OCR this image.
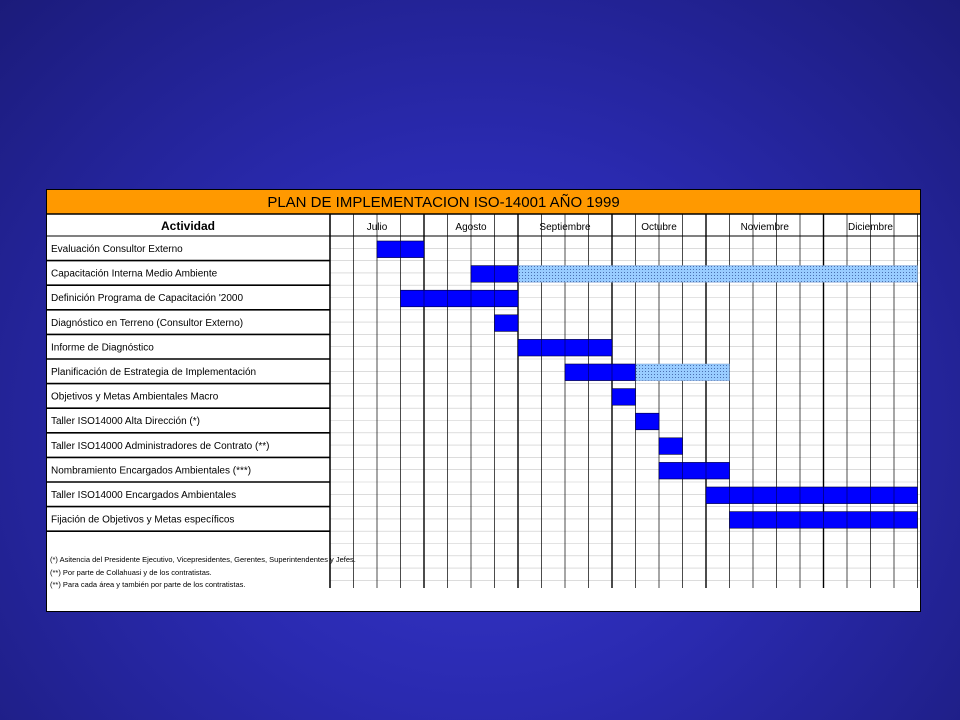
PLAN DE IMPLEMENTACION ISO-14001 AÑO 1999
Actividad	Julio	Agosto	Septiembre	Octubre	Noviembre	Diciembre
Evaluación Consultor Externo
Capacitación Interna Medio Ambiente
Definición Programa de Capacitación '2000
Diagnóstico en Terreno (Consultor Externo)
Informe de Diagnóstico
Planificación de Estrategia de Implementación
Objetivos y Metas Ambientales Macro
Taller ISO14000 Alta Dirección (*)
Taller ISO14000 Administradores de Contrato (**)
Nombramiento Encargados Ambientales (***)
Taller ISO14000 Encargados Ambientales
Fijación de Objetivos y Metas específicos
(*) Asitencia del Presidente Ejecutivo, Vicepresidentes, Gerentes, Superintendentes y Jefes.
(**) Por parte de Collahuasi y de los contratistas.
(**) Para cada área y también por parte de los contratistas.
